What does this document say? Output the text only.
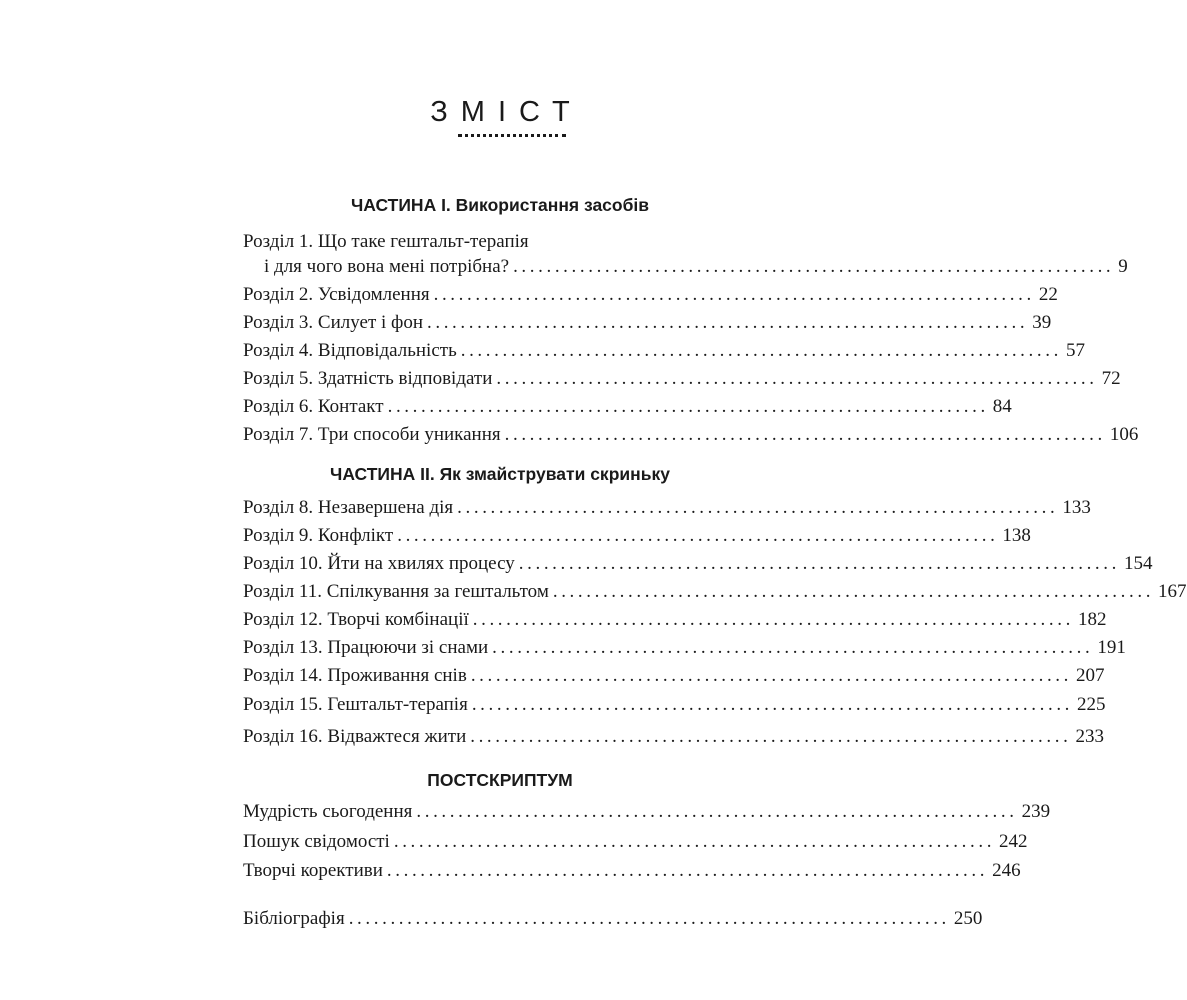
ЗМІСТ
ЧАСТИНА І. Використання засобів
Розділ 1. Що таке гештальт-терапія
і для чого вона мені потрібна? ........................................................................ 9
Розділ 2. Усвідомлення ........................................................................ 22
Розділ 3. Силует і фон ........................................................................ 39
Розділ 4. Відповідальність ........................................................................ 57
Розділ 5. Здатність відповідати ........................................................................ 72
Розділ 6. Контакт ........................................................................ 84
Розділ 7. Три способи уникання ........................................................................ 106
ЧАСТИНА ІІ. Як змайструвати скриньку
Розділ 8. Незавершена дія ........................................................................ 133
Розділ 9. Конфлікт ........................................................................ 138
Розділ 10. Йти на хвилях процесу ........................................................................ 154
Розділ 11. Спілкування за гештальтом ........................................................................ 167
Розділ 12. Творчі комбінації ........................................................................ 182
Розділ 13. Працюючи зі снами ........................................................................ 191
Розділ 14. Проживання снів ........................................................................ 207
Розділ 15. Гештальт-терапія ........................................................................ 225
Розділ 16. Відважтеся жити ........................................................................ 233
ПОСТСКРИПТУМ
Мудрість сьогодення ........................................................................ 239
Пошук свідомості ........................................................................ 242
Творчі корективи ........................................................................ 246
Бібліографія ........................................................................ 250
